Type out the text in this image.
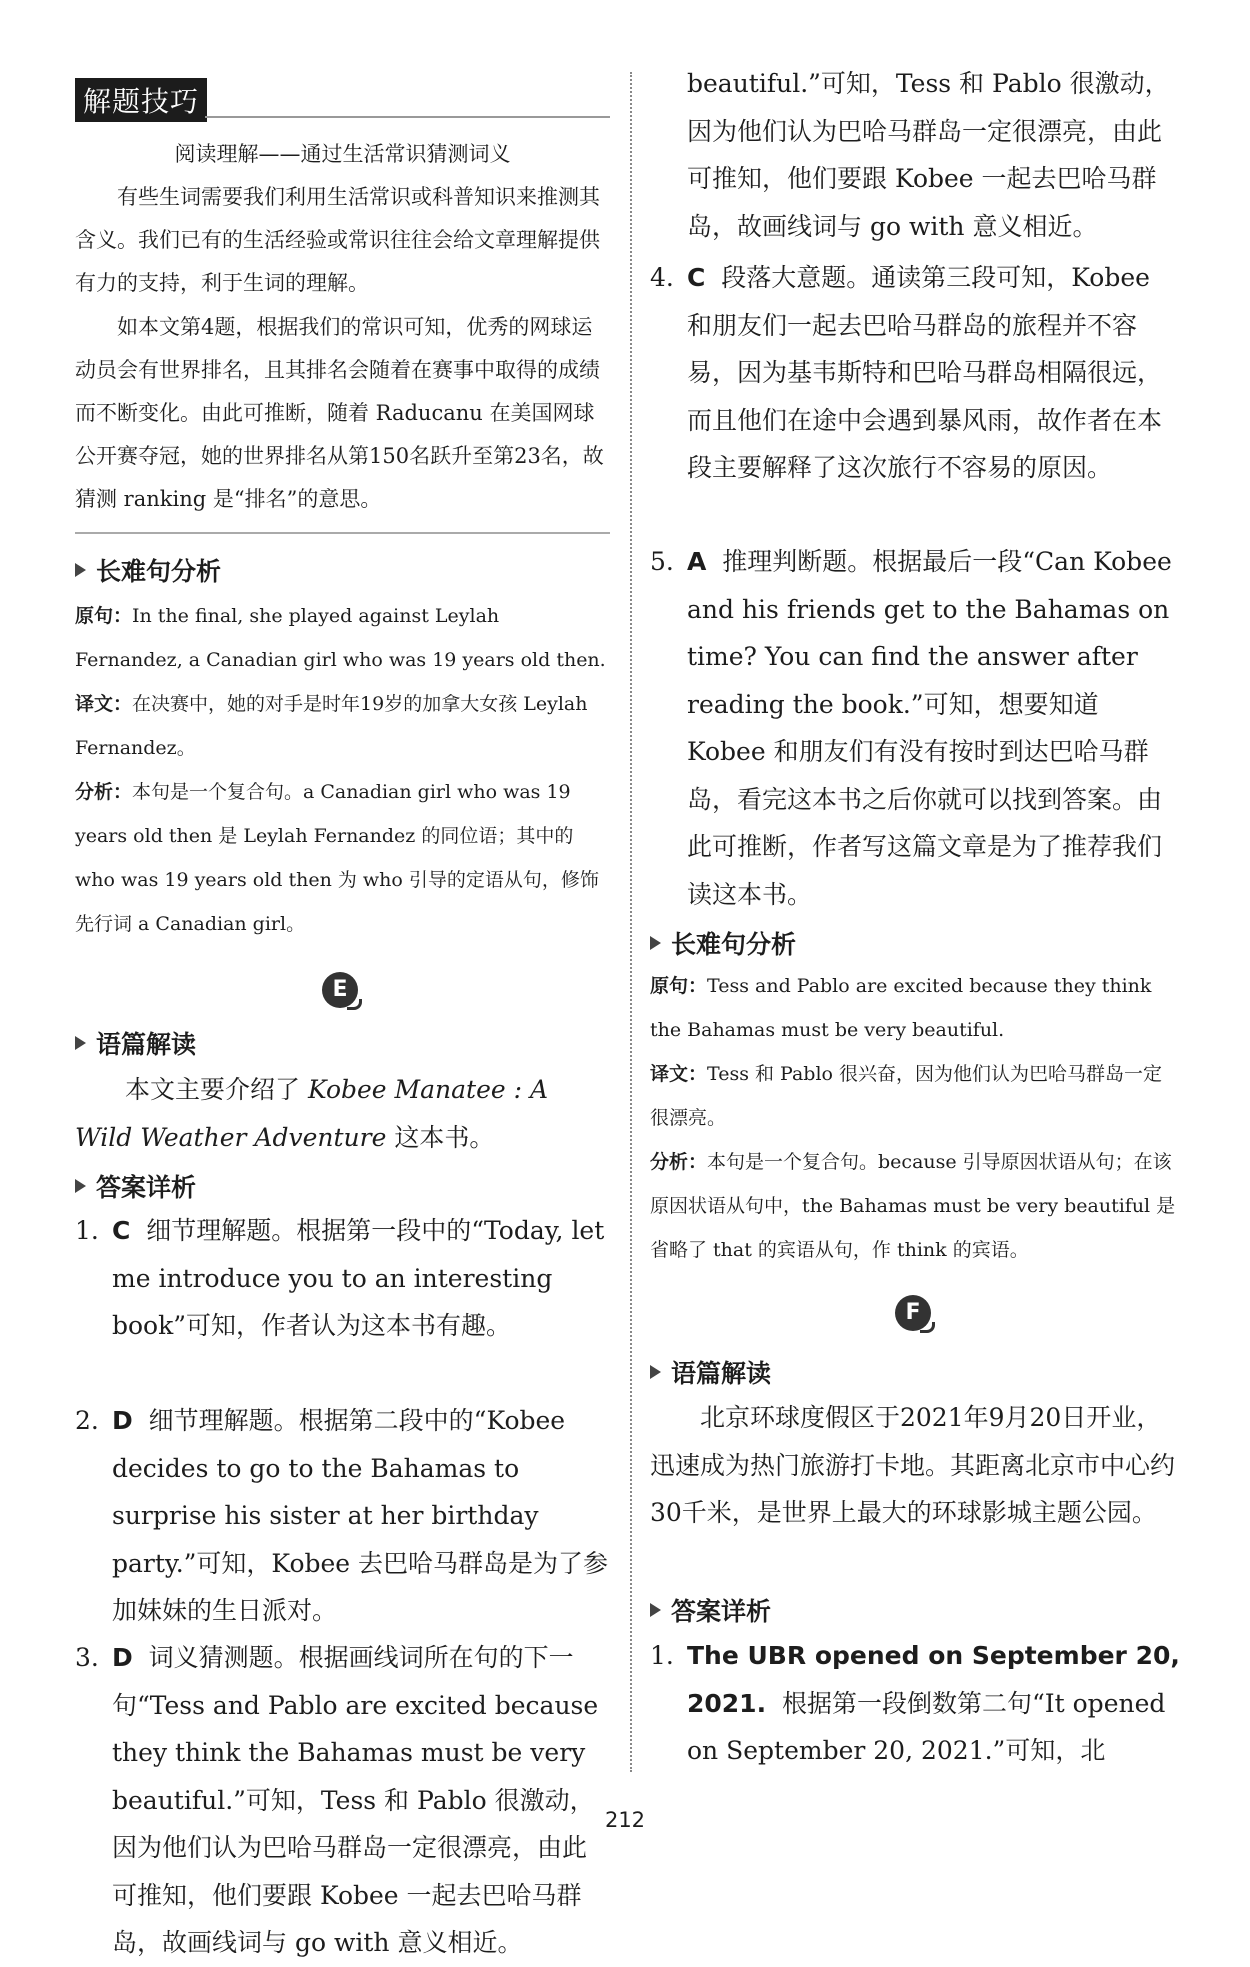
解题技巧
阅读理解——通过生活常识猜测词义

有些生词需要我们利用生活常识或科普知识来推测其含义。我们已有的生活经验或常识往往会给文章理解提供有力的支持，利于生词的理解。

如本文第4题，根据我们的常识可知，优秀的网球运动员会有世界排名，且其排名会随着在赛事中取得的成绩而不断变化。由此可推断，随着 Raducanu 在美国网球公开赛夺冠，她的世界排名从第150名跃升至第23名，故猜测 ranking 是“排名”的意思。

长难句分析

原句：In the final, she played against Leylah Fernandez, a Canadian girl who was 19 years old then.

译文：在决赛中，她的对手是时年19岁的加拿大女孩 Leylah Fernandez。

分析：本句是一个复合句。a Canadian girl who was 19 years old then 是 Leylah Fernandez 的同位语；其中的 who was 19 years old then 为 who 引导的定语从句，修饰先行词 a Canadian girl。

E
语篇解读

本文主要介绍了 Kobee Manatee : A Wild Weather Adventure 这本书。

答案详析
1. C 细节理解题。根据第一段中的“Today, let me introduce you to an interesting book”可知，作者认为这本书有趣。
2. D 细节理解题。根据第二段中的“Kobee decides to go to the Bahamas to surprise his sister at her birthday party.”可知，Kobee 去巴哈马群岛是为了参加妹妹的生日派对。
3. D 词义猜测题。根据画线词所在句的下一句“Tess and Pablo are excited because they think the Bahamas must be very beautiful.”可知，Tess 和 Pablo 很激动，因为他们认为巴哈马群岛一定很漂亮，由此可推知，他们要跟 Kobee 一起去巴哈马群岛，故画线词与 go with 意义相近。
beautiful.”可知，Tess 和 Pablo 很激动，因为他们认为巴哈马群岛一定很漂亮，由此可推知，他们要跟 Kobee 一起去巴哈马群岛，故画线词与 go with 意义相近。
4. C 段落大意题。通读第三段可知，Kobee 和朋友们一起去巴哈马群岛的旅程并不容易，因为基韦斯特和巴哈马群岛相隔很远，而且他们在途中会遇到暴风雨，故作者在本段主要解释了这次旅行不容易的原因。
5. A 推理判断题。根据最后一段“Can Kobee and his friends get to the Bahamas on time? You can find the answer after reading the book.”可知，想要知道 Kobee 和朋友们有没有按时到达巴哈马群岛，看完这本书之后你就可以找到答案。由此可推断，作者写这篇文章是为了推荐我们读这本书。
长难句分析

原句：Tess and Pablo are excited because they think the Bahamas must be very beautiful.

译文：Tess 和 Pablo 很兴奋，因为他们认为巴哈马群岛一定很漂亮。

分析：本句是一个复合句。because 引导原因状语从句；在该原因状语从句中，the Bahamas must be very beautiful 是省略了 that 的宾语从句，作 think 的宾语。

F
语篇解读

北京环球度假区于2021年9月20日开业，迅速成为热门旅游打卡地。其距离北京市中心约30千米，是世界上最大的环球影城主题公园。

答案详析
1. The UBR opened on September 20, 2021. 根据第一段倒数第二句“It opened on September 20, 2021.”可知，北
212
